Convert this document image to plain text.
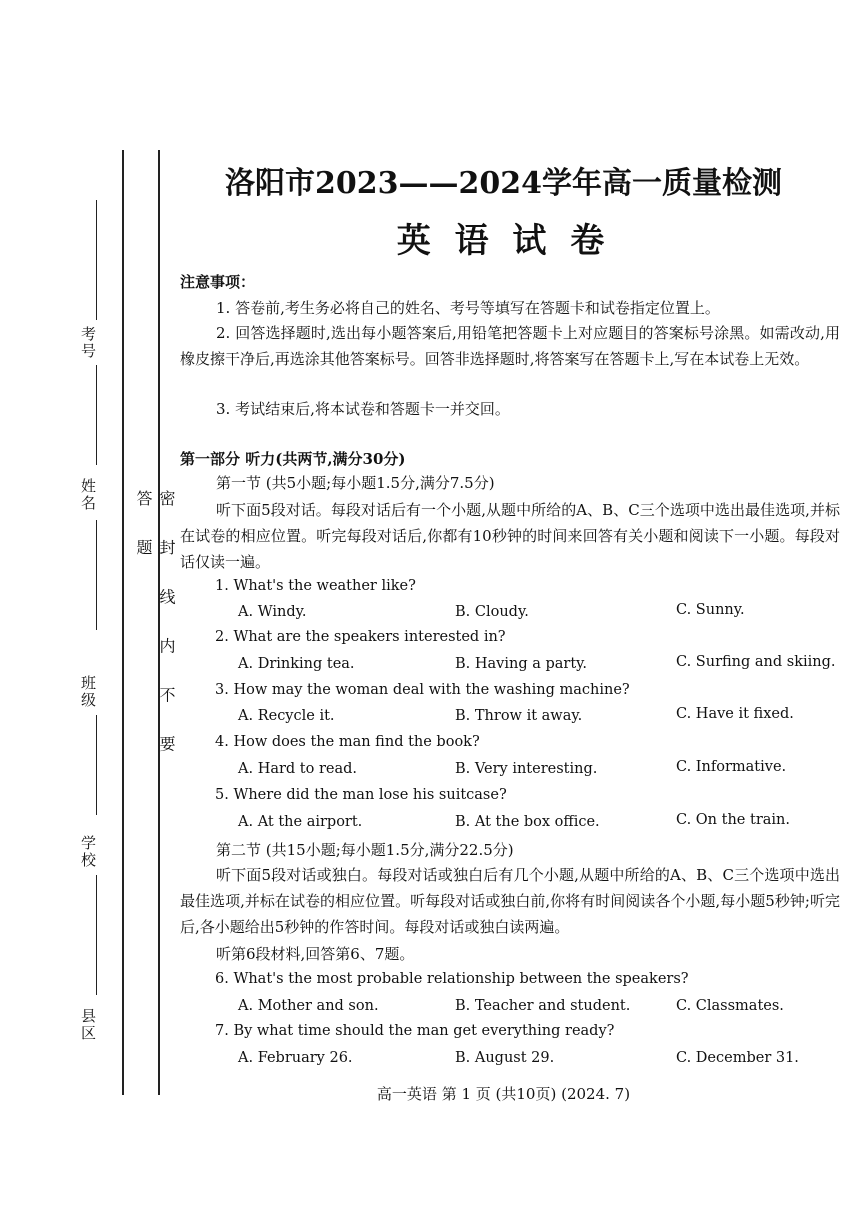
密 封 线 内 不 要 答 题
考号
姓名
班级
学校
县区
洛阳市2023——2024学年高一质量检测
英 语 试 卷
注意事项：
1. 答卷前,考生务必将自己的姓名、考号等填写在答题卡和试卷指定位置上。
2. 回答选择题时,选出每小题答案后,用铅笔把答题卡上对应题目的答案标号涂黑。如需改动,用橡皮擦干净后,再选涂其他答案标号。回答非选择题时,将答案写在答题卡上,写在本试卷上无效。
3. 考试结束后,将本试卷和答题卡一并交回。
第一部分 听力(共两节,满分30分)
第一节 (共5小题;每小题1.5分,满分7.5分)
听下面5段对话。每段对话后有一个小题,从题中所给的A、B、C三个选项中选出最佳选项,并标在试卷的相应位置。听完每段对话后,你都有10秒钟的时间来回答有关小题和阅读下一小题。每段对话仅读一遍。
1. What's the weather like?
A. Windy.	B. Cloudy.	C. Sunny.
2. What are the speakers interested in?
A. Drinking tea.	B. Having a party.	C. Surfing and skiing.
3. How may the woman deal with the washing machine?
A. Recycle it.	B. Throw it away.	C. Have it fixed.
4. How does the man find the book?
A. Hard to read.	B. Very interesting.	C. Informative.
5. Where did the man lose his suitcase?
A. At the airport.	B. At the box office.	C. On the train.
第二节 (共15小题;每小题1.5分,满分22.5分)
听下面5段对话或独白。每段对话或独白后有几个小题,从题中所给的A、B、C三个选项中选出最佳选项,并标在试卷的相应位置。听每段对话或独白前,你将有时间阅读各个小题,每小题5秒钟;听完后,各小题给出5秒钟的作答时间。每段对话或独白读两遍。
听第6段材料,回答第6、7题。
6. What's the most probable relationship between the speakers?
A. Mother and son.	B. Teacher and student.	C. Classmates.
7. By what time should the man get everything ready?
A. February 26.	B. August 29.	C. December 31.
高一英语 第 1 页 (共10页) (2024. 7)
